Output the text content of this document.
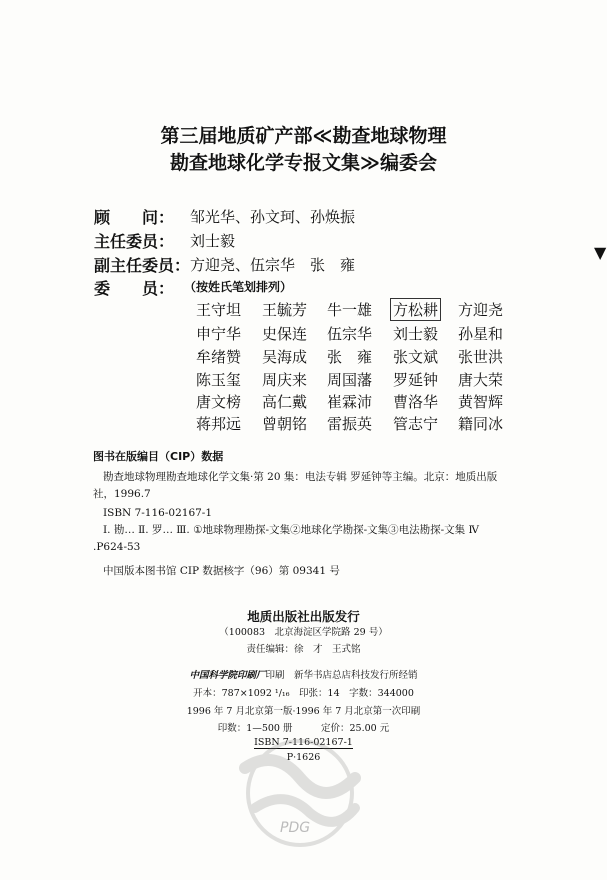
第三届地质矿产部≪勘查地球物理
勘查地球化学专报文集≫编委会
顾　　问： 邹光华、孙文珂、孙焕振
主任委员： 刘士毅
副主任委员： 方迎尧、伍宗华　张　雍
委　　员： （按姓氏笔划排列）
王守坦 王毓芳 牛一雄 方松耕 方迎尧
申宁华 史保连 伍宗华 刘士毅 孙星和
牟绪赞 吴海成 张　雍 张文斌 张世洪
陈玉玺 周庆来 周国藩 罗延钟 唐大荣
唐文榜 高仁戴 崔霖沛 曹洛华 黄智辉
蒋邦远 曾朝铭 雷振英 管志宁 籍同冰
▼
图书在版编目（CIP）数据
勘查地球物理勘查地球化学文集·第 20 集：电法专辑 罗延钟等主编。北京：地质出版
社，1996.7
ISBN 7-116-02167-1
Ⅰ. 勘… Ⅱ. 罗… Ⅲ. ①地球物理勘探-文集②地球化学勘探-文集③电法勘探-文集 Ⅳ
.P624-53
中国版本图书馆 CIP 数据核字（96）第 09341 号
地质出版社出版发行
（100083　北京海淀区学院路 29 号）
责任编辑：徐　才　王式铭
中国科学院印刷厂印刷　新华书店总店科技发行所经销
开本：787×1092 ¹/₁₆　印张：14　字数：344000
1996 年 7 月北京第一版·1996 年 7 月北京第一次印刷
印数：1—500 册　　　定价：25.00 元
ISBN 7-116-02167-1
P·1626
PDG
